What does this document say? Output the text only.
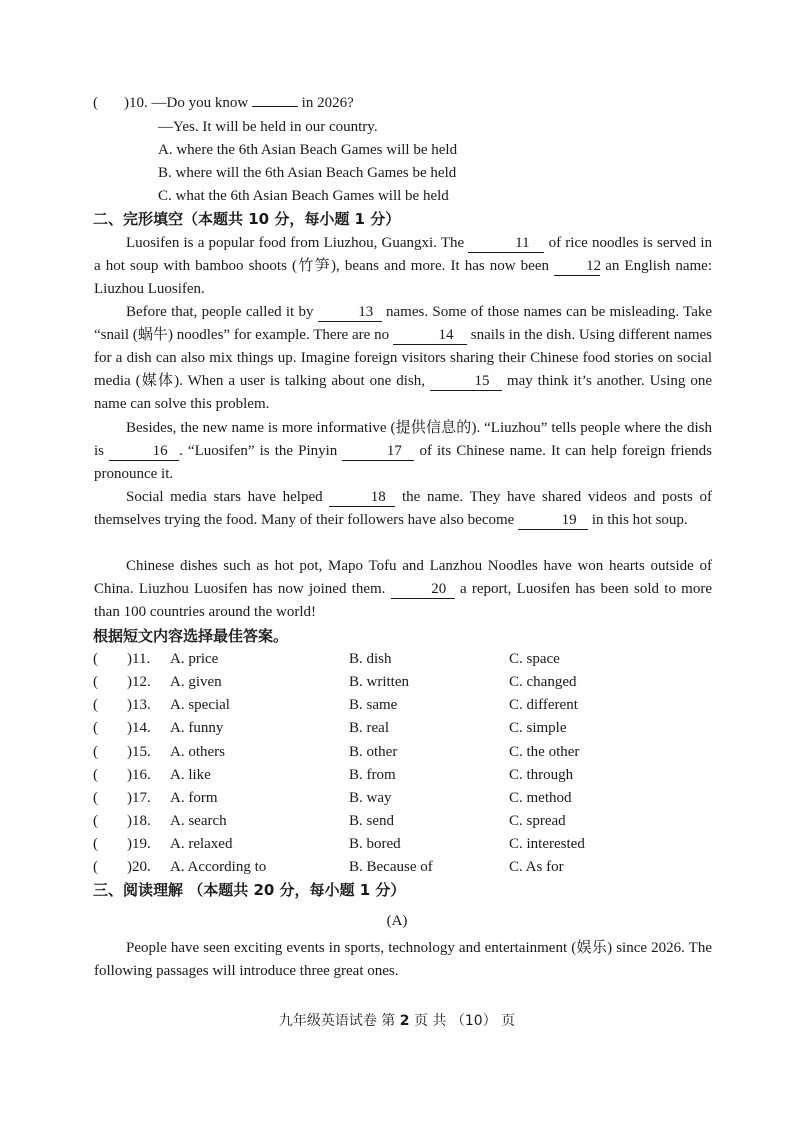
( )10. —Do you know	in 2026?
—Yes. It will be held in our country.
A. where the 6th Asian Beach Games will be held
B. where will the 6th Asian Beach Games be held
C. what the 6th Asian Beach Games will be held
二、完形填空（本题共 10 分，每小题 1 分）

Luosifen is a popular food from Liuzhou, Guangxi. The	11 of rice noodles is served in a hot soup with bamboo shoots (竹笋), beans and more. It has now been 12 an English name: Liuzhou Luosifen.

Before that, people called it by	13 names. Some of those names can be misleading. Take “snail (蜗牛) noodles” for example. There are no	14 snails in the dish. Using different names for a dish can also mix things up. Imagine foreign visitors sharing their Chinese food stories on social media (媒体). When a user is talking about one dish,	15 may think it’s another. Using one name can solve this problem.

Besides, the new name is more informative (提供信息的). “Liuzhou” tells people where the dish is	16 . “Luosifen” is the Pinyin	17 of its Chinese name. It can help foreign friends pronounce it.

Social media stars have helped	18 the name. They have shared videos and posts of themselves trying the food. Many of their followers have also become	19 in this hot soup.

Chinese dishes such as hot pot, Mapo Tofu and Lanzhou Noodles have won hearts outside of China. Liuzhou Luosifen has now joined them.	20 a report, Luosifen has been sold to more than 100 countries around the world!

根据短文内容选择最佳答案。
( )11. A. price	B. dish	C. space
( )12. A. given	B. written	C. changed
( )13. A. special	B. same	C. different
( )14. A. funny	B. real	C. simple
( )15. A. others	B. other	C. the other
( )16. A. like	B. from	C. through
( )17. A. form	B. way	C. method
( )18. A. search	B. send	C. spread
( )19. A. relaxed	B. bored	C. interested
( )20. A. According to	B. Because of	C. As for
三、阅读理解 （本题共 20 分，每小题 1 分）
(A)

People have seen exciting events in sports, technology and entertainment (娱乐) since 2026. The following passages will introduce three great ones.

九年级英语试卷 第 2 页 共 （10） 页
